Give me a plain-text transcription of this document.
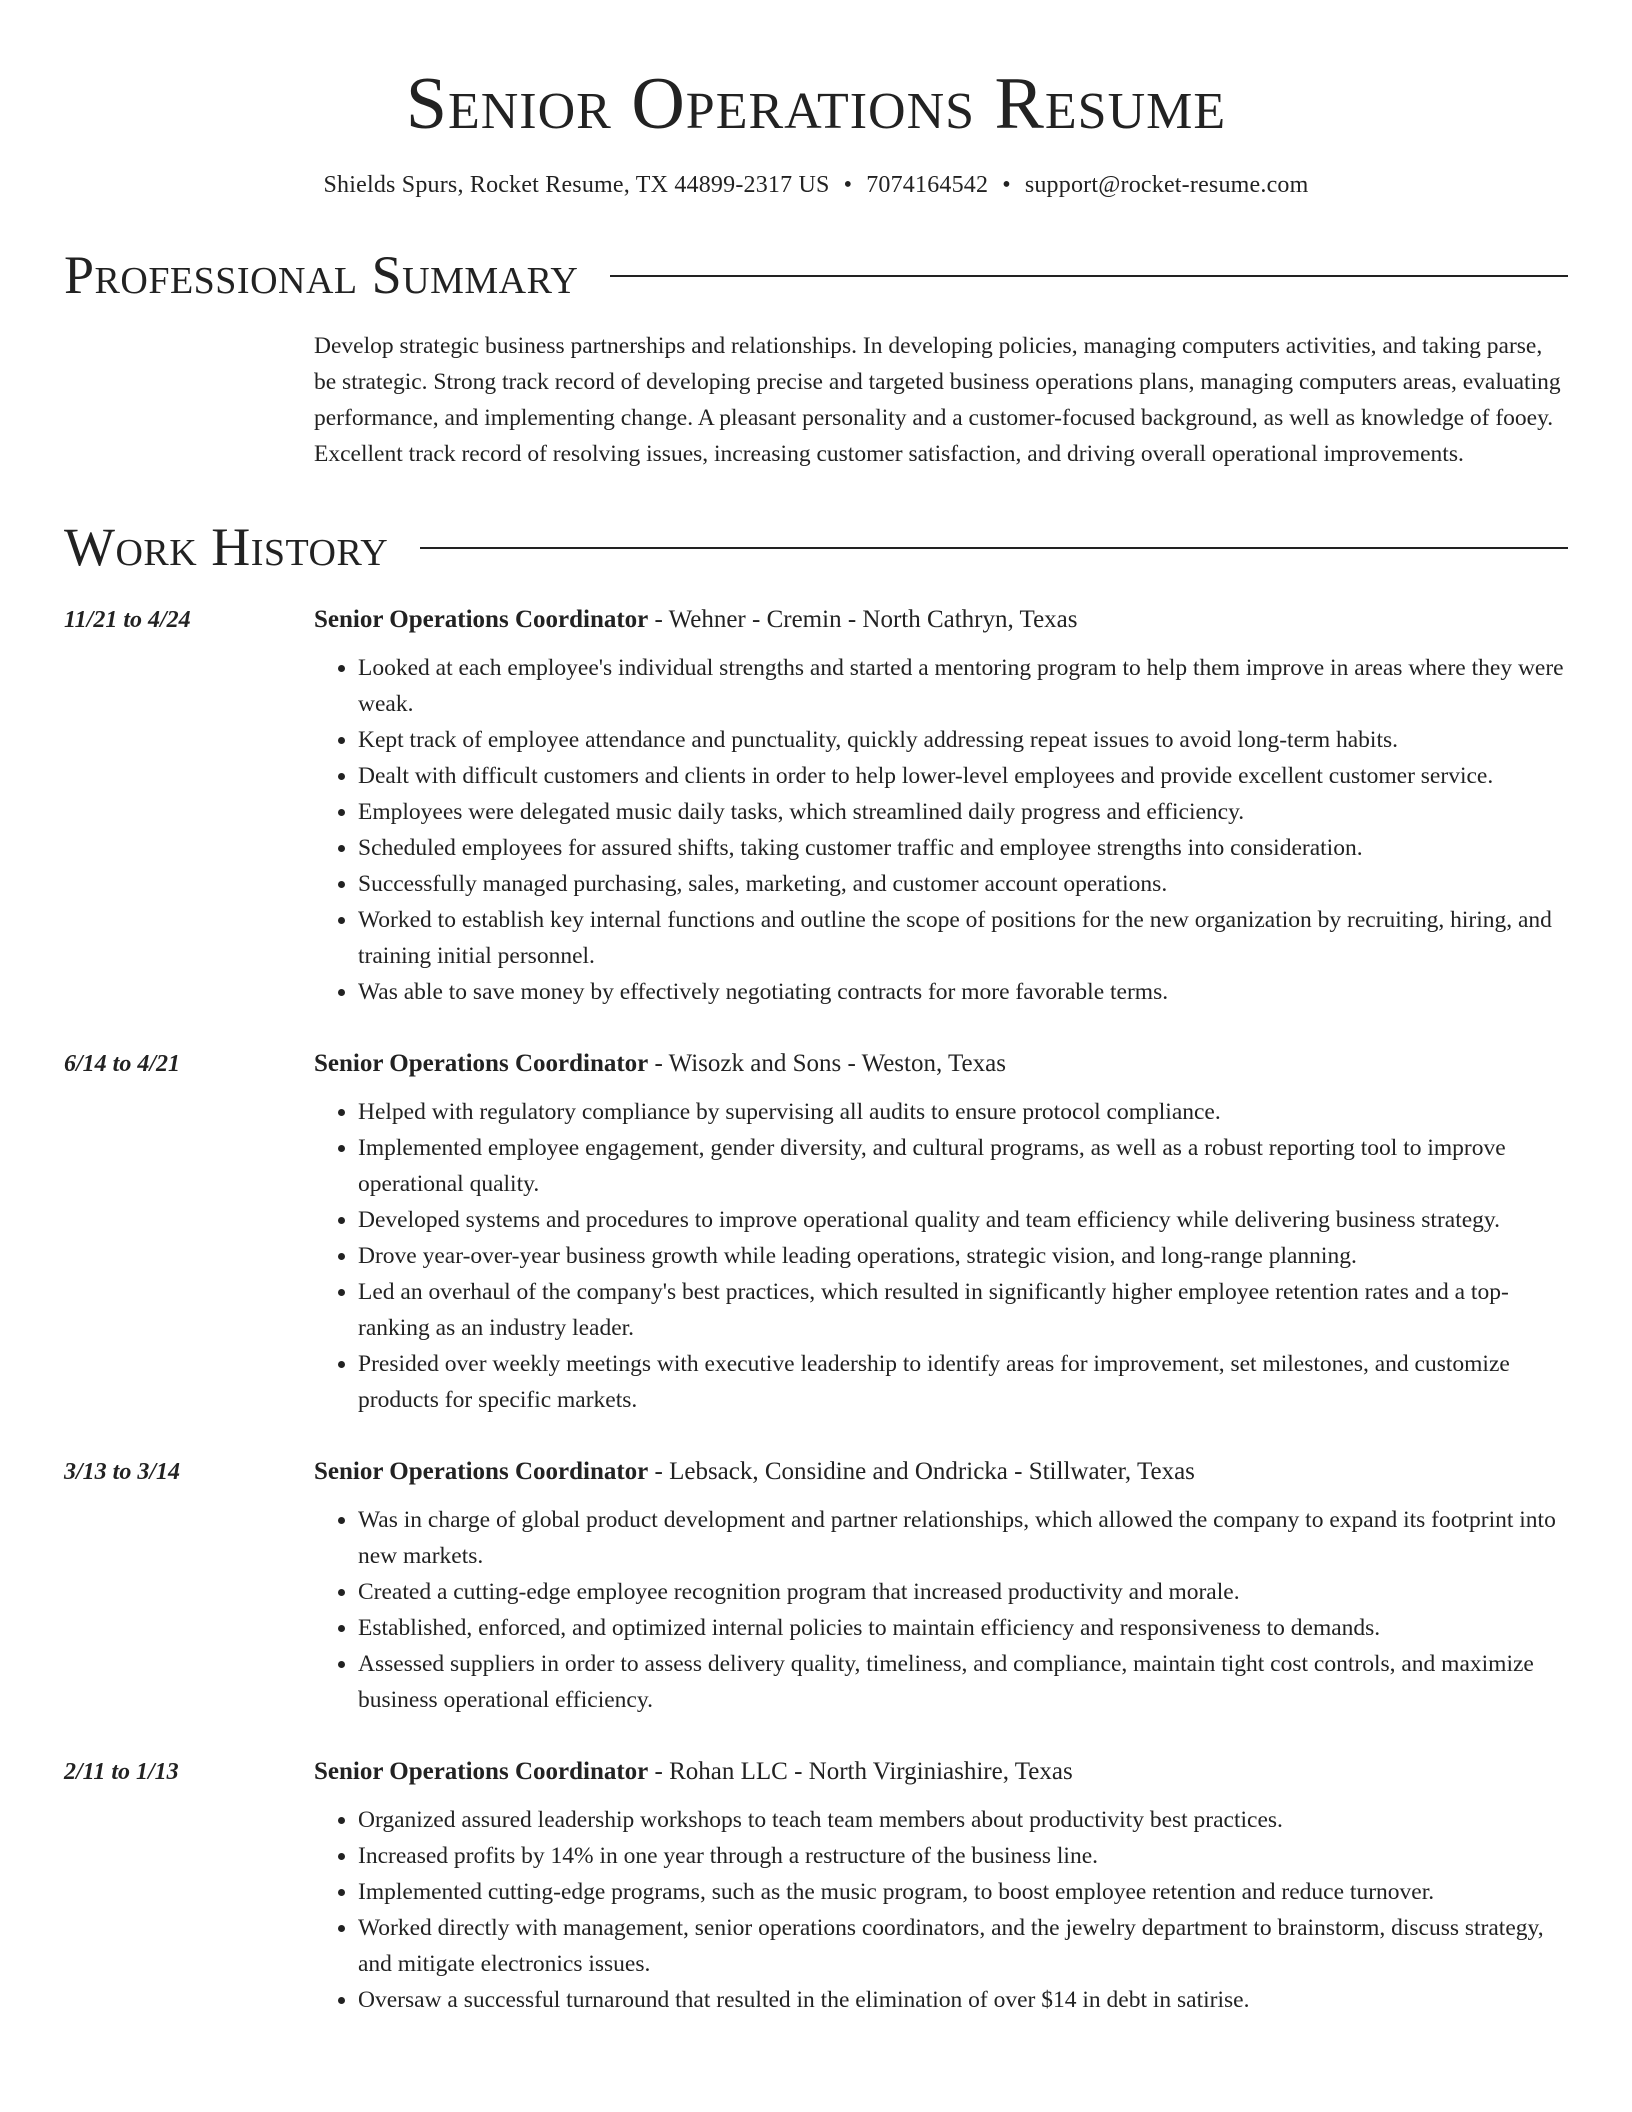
Senior Operations Resume
Shields Spurs, Rocket Resume, TX 44899-2317 US • 7074164542 • support@rocket-resume.com
Professional Summary
Develop strategic business partnerships and relationships. In developing policies, managing computers activities, and taking parse, be strategic. Strong track record of developing precise and targeted business operations plans, managing computers areas, evaluating performance, and implementing change. A pleasant personality and a customer-focused background, as well as knowledge of fooey. Excellent track record of resolving issues, increasing customer satisfaction, and driving overall operational improvements.
Work History
11/21 to 4/24	Senior Operations Coordinator - Wehner - Cremin - North Cathryn, Texas
• Looked at each employee's individual strengths and started a mentoring program to help them improve in areas where they were weak.
• Kept track of employee attendance and punctuality, quickly addressing repeat issues to avoid long-term habits.
• Dealt with difficult customers and clients in order to help lower-level employees and provide excellent customer service.
• Employees were delegated music daily tasks, which streamlined daily progress and efficiency.
• Scheduled employees for assured shifts, taking customer traffic and employee strengths into consideration.
• Successfully managed purchasing, sales, marketing, and customer account operations.
• Worked to establish key internal functions and outline the scope of positions for the new organization by recruiting, hiring, and training initial personnel.
• Was able to save money by effectively negotiating contracts for more favorable terms.
6/14 to 4/21	Senior Operations Coordinator - Wisozk and Sons - Weston, Texas
• Helped with regulatory compliance by supervising all audits to ensure protocol compliance.
• Implemented employee engagement, gender diversity, and cultural programs, as well as a robust reporting tool to improve operational quality.
• Developed systems and procedures to improve operational quality and team efficiency while delivering business strategy.
• Drove year-over-year business growth while leading operations, strategic vision, and long-range planning.
• Led an overhaul of the company's best practices, which resulted in significantly higher employee retention rates and a top-ranking as an industry leader.
• Presided over weekly meetings with executive leadership to identify areas for improvement, set milestones, and customize products for specific markets.
3/13 to 3/14	Senior Operations Coordinator - Lebsack, Considine and Ondricka - Stillwater, Texas
• Was in charge of global product development and partner relationships, which allowed the company to expand its footprint into new markets.
• Created a cutting-edge employee recognition program that increased productivity and morale.
• Established, enforced, and optimized internal policies to maintain efficiency and responsiveness to demands.
• Assessed suppliers in order to assess delivery quality, timeliness, and compliance, maintain tight cost controls, and maximize business operational efficiency.
2/11 to 1/13	Senior Operations Coordinator - Rohan LLC - North Virginiashire, Texas
• Organized assured leadership workshops to teach team members about productivity best practices.
• Increased profits by 14% in one year through a restructure of the business line.
• Implemented cutting-edge programs, such as the music program, to boost employee retention and reduce turnover.
• Worked directly with management, senior operations coordinators, and the jewelry department to brainstorm, discuss strategy, and mitigate electronics issues.
• Oversaw a successful turnaround that resulted in the elimination of over $14 in debt in satirise.
